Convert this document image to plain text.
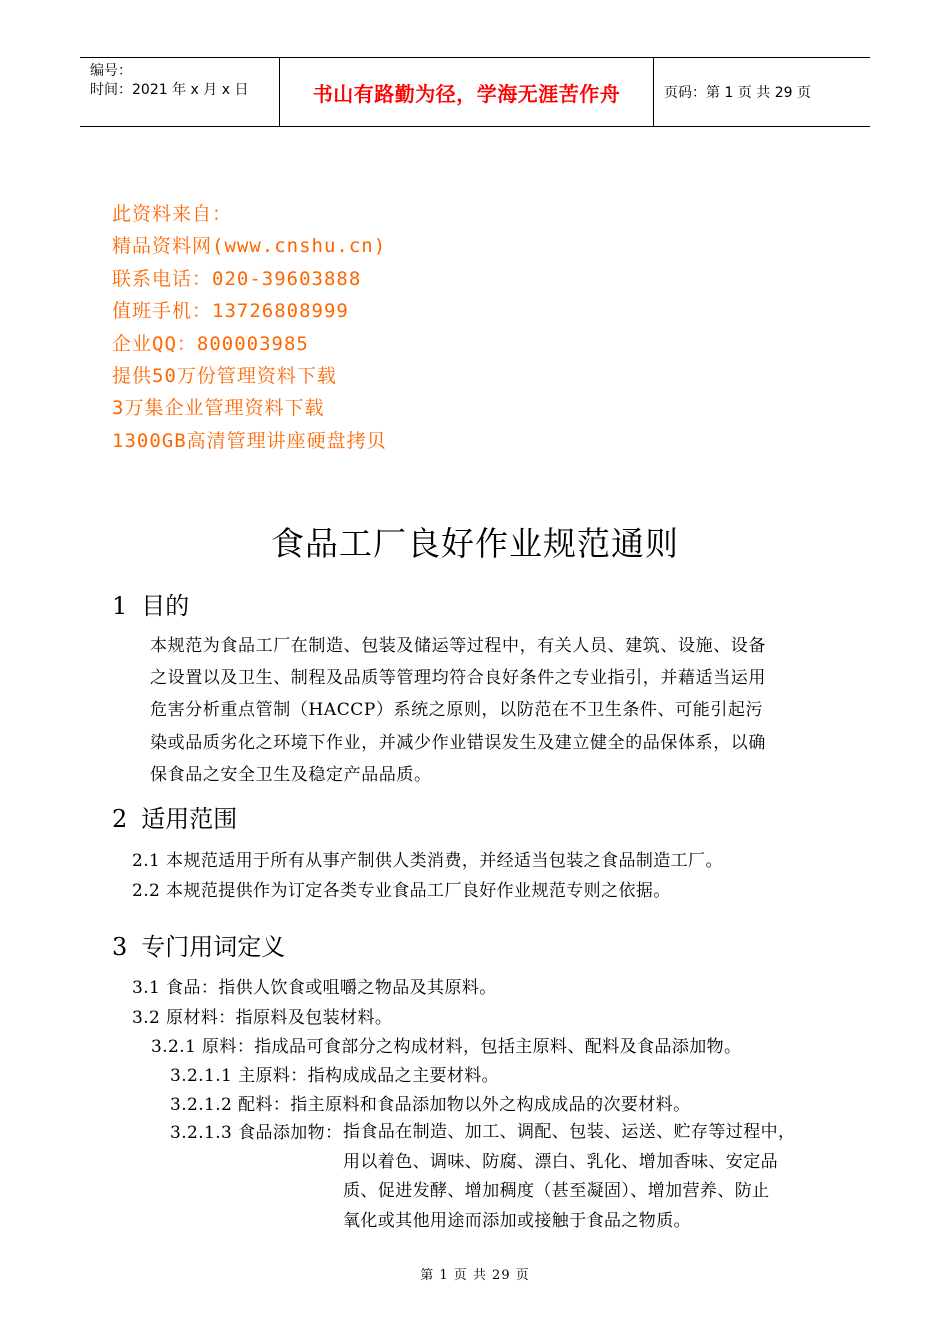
编号：
时间：2021 年 x 月 x 日	书山有路勤为径，学海无涯苦作舟	页码：第 1 页 共 29 页
此资料来自：
精品资料网(www.cnshu.cn)
联系电话：020-39603888
值班手机：13726808999
企业QQ：800003985
提供50万份管理资料下载
3万集企业管理资料下载
1300GB高清管理讲座硬盘拷贝
食品工厂良好作业规范通则
1 目的
本规范为食品工厂在制造、包装及储运等过程中，有关人员、建筑、设施、设备
之设置以及卫生、制程及品质等管理均符合良好条件之专业指引，并藉适当运用
危害分析重点管制（HACCP）系统之原则，以防范在不卫生条件、可能引起污
染或品质劣化之环境下作业，并减少作业错误发生及建立健全的品保体系，以确
保食品之安全卫生及稳定产品品质。
2 适用范围
2.1 本规范适用于所有从事产制供人类消费，并经适当包装之食品制造工厂。
2.2 本规范提供作为订定各类专业食品工厂良好作业规范专则之依据。
3 专门用词定义
3.1 食品：指供人饮食或咀嚼之物品及其原料。
3.2 原材料：指原料及包装材料。
3.2.1 原料：指成品可食部分之构成材料，包括主原料、配料及食品添加物。
3.2.1.1 主原料：指构成成品之主要材料。
3.2.1.2 配料：指主原料和食品添加物以外之构成成品的次要材料。
3.2.1.3 食品添加物： 指食品在制造、加工、调配、包装、运送、贮存等过程中，
用以着色、调味、防腐、漂白、乳化、增加香味、安定品
质、促进发酵、增加稠度（甚至凝固）、增加营养、防止
氧化或其他用途而添加或接触于食品之物质。
第 1 页 共 29 页
